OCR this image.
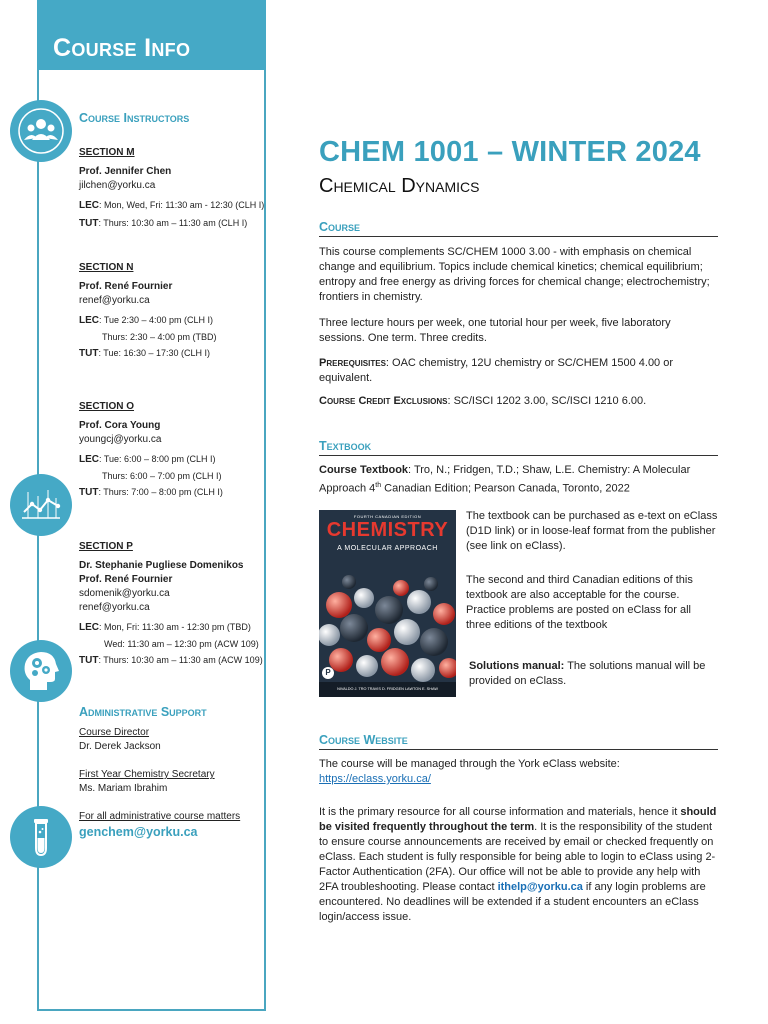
Course Info
Course Instructors
SECTION M
Prof. Jennifer Chen
jilchen@yorku.ca
LEC: Mon, Wed, Fri: 11:30 am - 12:30 (CLH I)
TUT: Thurs: 10:30 am – 11:30 am (CLH I)
SECTION N
Prof. René Fournier
renef@yorku.ca
LEC: Tue 2:30 – 4:00 pm (CLH I)
Thurs: 2:30 – 4:00 pm (TBD)
TUT: Tue: 16:30 – 17:30 (CLH I)
SECTION O
Prof. Cora Young
youngcj@yorku.ca
LEC: Tue: 6:00 – 8:00 pm (CLH I)
Thurs: 6:00 – 7:00 pm (CLH I)
TUT: Thurs: 7:00 – 8:00 pm (CLH I)
SECTION P
Dr. Stephanie Pugliese Domenikos
Prof. René Fournier
sdomenik@yorku.ca
renef@yorku.ca
LEC: Mon, Fri: 11:30 am - 12:30 pm (TBD)
Wed: 11:30 am – 12:30 pm (ACW 109)
TUT: Thurs: 10:30 am – 11:30 am (ACW 109)
Administrative Support
Course Director
Dr. Derek Jackson
First Year Chemistry Secretary
Ms. Mariam Ibrahim
For all administrative course matters
genchem@yorku.ca
CHEM 1001 – WINTER 2024
Chemical Dynamics
Course
This course complements SC/CHEM 1000 3.00 - with emphasis on chemical change and equilibrium. Topics include chemical kinetics; chemical equilibrium; entropy and free energy as driving forces for chemical change; electrochemistry; frontiers in chemistry.
Three lecture hours per week, one tutorial hour per week, five laboratory sessions. One term. Three credits.
Prerequisites: OAC chemistry, 12U chemistry or SC/CHEM 1500 4.00 or equivalent.
Course Credit Exclusions: SC/ISCI 1202 3.00, SC/ISCI 1210 6.00.
Textbook
Course Textbook: Tro, N.; Fridgen, T.D.; Shaw, L.E. Chemistry: A Molecular Approach 4th Canadian Edition; Pearson Canada, Toronto, 2022
FOURTH CANADIAN EDITION
CHEMISTRY
A MOLECULAR APPROACH
P
NIVALDO J. TRO TRAVIS D. FRIDGEN LAWTON E. SHAW
The textbook can be purchased as e-text on eClass (D1D link) or in loose-leaf format from the publisher (see link on eClass).
The second and third Canadian editions of this textbook are also acceptable for the course. Practice problems are posted on eClass for all three editions of the textbook
Solutions manual: The solutions manual will be provided on eClass.
Course Website
The course will be managed through the York eClass website:
https://eclass.yorku.ca/
It is the primary resource for all course information and materials, hence it should be visited frequently throughout the term. It is the responsibility of the student to ensure course announcements are received by email or checked frequently on eClass. Each student is fully responsible for being able to login to eClass using 2-Factor Authentication (2FA). Our office will not be able to provide any help with 2FA troubleshooting. Please contact ithelp@yorku.ca if any login problems are encountered. No deadlines will be extended if a student encounters an eClass login/access issue.
